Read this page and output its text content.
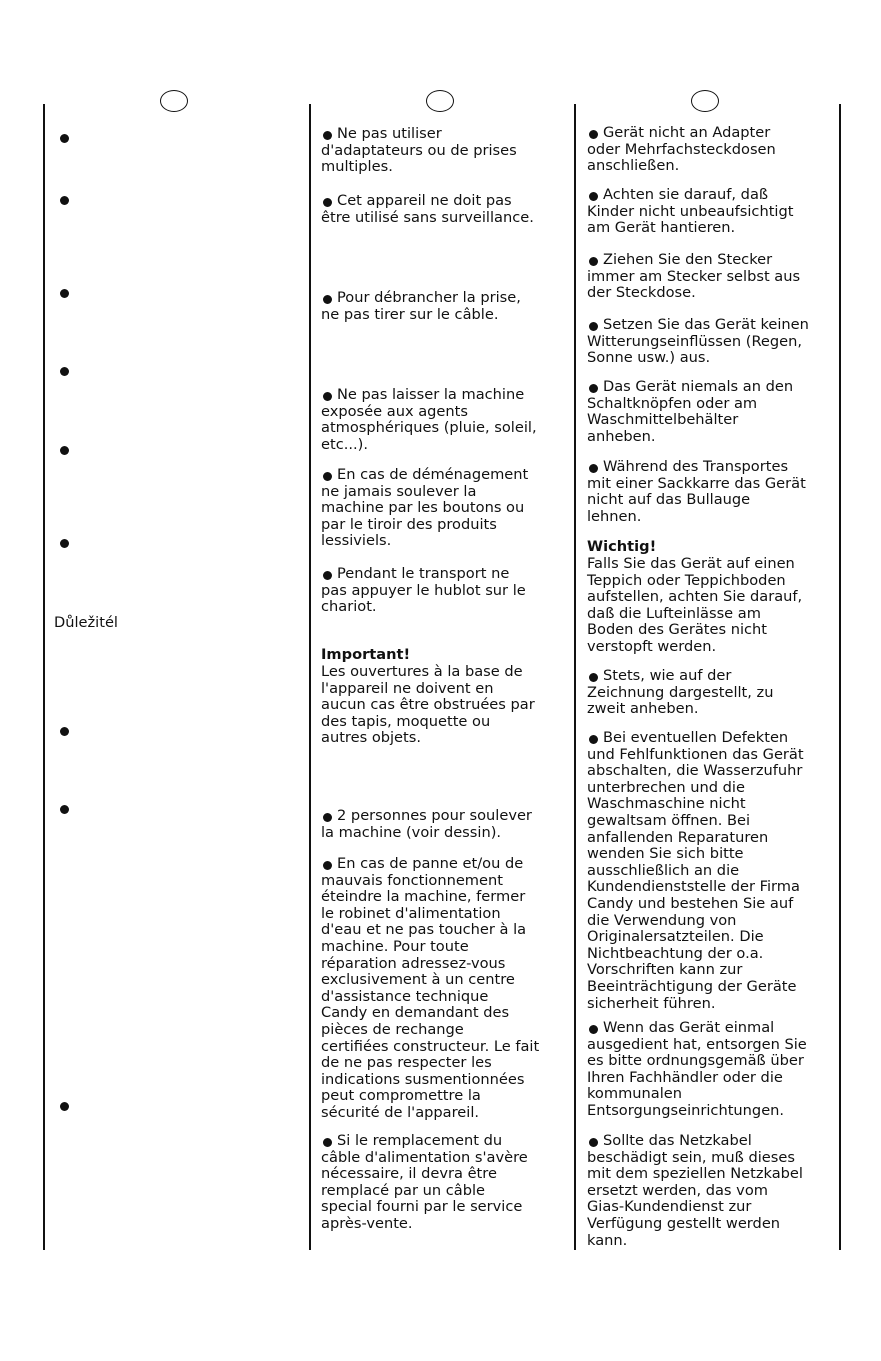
Důležitél

Ne pas utiliser
d'adaptateurs ou de prises
multiples.

Cet appareil ne doit pas
être utilisé sans surveillance.

Pour débrancher la prise,
ne pas tirer sur le câble.

Ne pas laisser la machine
exposée aux agents
atmosphériques (pluie, soleil,
etc...).

En cas de déménagement
ne jamais soulever la
machine par les boutons ou
par le tiroir des produits
lessiviels.

Pendant le transport ne
pas appuyer le hublot sur le
chariot.

Important!

Les ouvertures à la base de
l'appareil ne doivent en
aucun cas être obstruées par
des tapis, moquette ou
autres objets.

2 personnes pour soulever
la machine (voir dessin).

En cas de panne et/ou de
mauvais fonctionnement
éteindre la machine, fermer
le robinet d'alimentation
d'eau et ne pas toucher à la
machine. Pour toute
réparation adressez-vous
exclusivement à un centre
d'assistance technique
Candy en demandant des
pièces de rechange
certifiées constructeur. Le fait
de ne pas respecter les
indications susmentionnées
peut compromettre la
sécurité de l'appareil.

Si le remplacement du
câble d'alimentation s'avère
nécessaire, il devra être
remplacé par un câble
special fourni par le service
après-vente.

Gerät nicht an Adapter
oder Mehrfachsteckdosen
anschließen.

Achten sie darauf, daß
Kinder nicht unbeaufsichtigt
am Gerät hantieren.

Ziehen Sie den Stecker
immer am Stecker selbst aus
der Steckdose.

Setzen Sie das Gerät keinen
Witterungseinflüssen (Regen,
Sonne usw.) aus.

Das Gerät niemals an den
Schaltknöpfen oder am
Waschmittelbehälter
anheben.

Während des Transportes
mit einer Sackkarre das Gerät
nicht auf das Bullauge
lehnen.

Wichtig!

Falls Sie das Gerät auf einen
Teppich oder Teppichboden
aufstellen, achten Sie darauf,
daß die Lufteinlässe am
Boden des Gerätes nicht
verstopft werden.

Stets, wie auf der
Zeichnung dargestellt, zu
zweit anheben.

Bei eventuellen Defekten
und Fehlfunktionen das Gerät
abschalten, die Wasserzufuhr
unterbrechen und die
Waschmaschine nicht
gewaltsam öffnen. Bei
anfallenden Reparaturen
wenden Sie sich bitte
ausschließlich an die
Kundendienststelle der Firma
Candy und bestehen Sie auf
die Verwendung von
Originalersatzteilen. Die
Nichtbeachtung der o.a.
Vorschriften kann zur
Beeinträchtigung der Geräte
sicherheit führen.

Wenn das Gerät einmal
ausgedient hat, entsorgen Sie
es bitte ordnungsgemäß über
Ihren Fachhändler oder die
kommunalen
Entsorgungseinrichtungen.

Sollte das Netzkabel
beschädigt sein, muß dieses
mit dem speziellen Netzkabel
ersetzt werden, das vom
Gias-Kundendienst zur
Verfügung gestellt werden
kann.
